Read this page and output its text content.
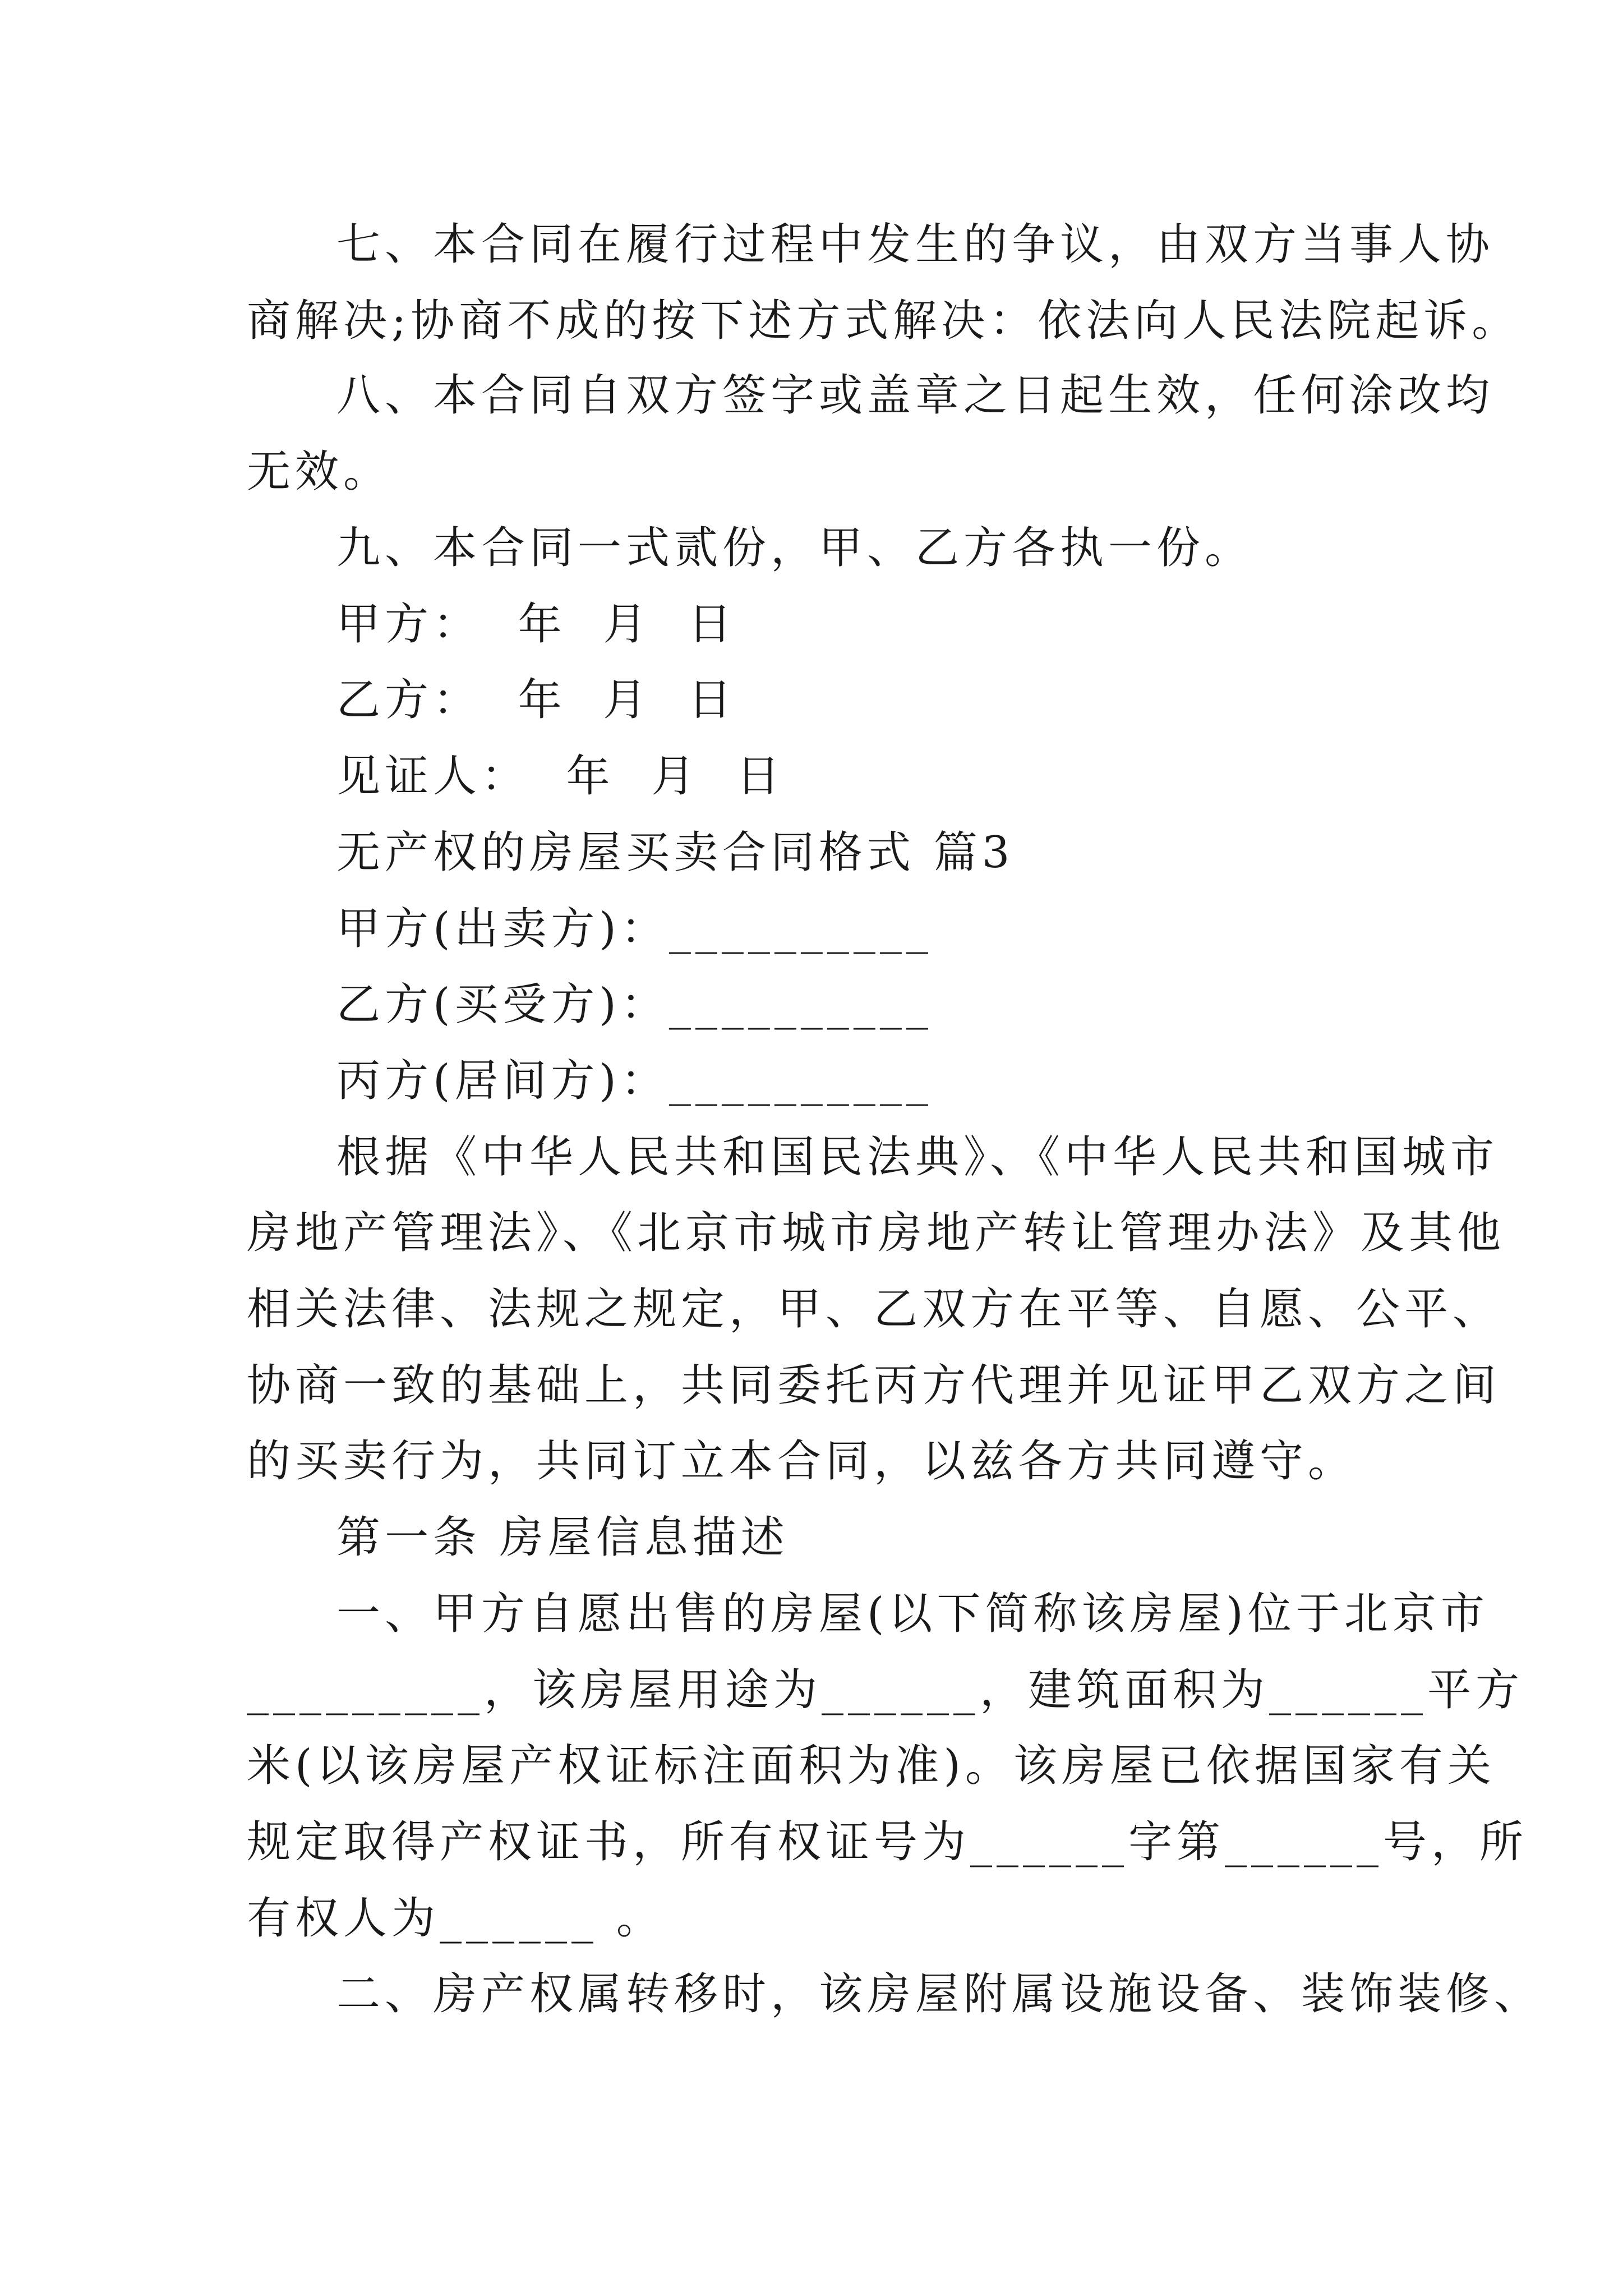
七、本合同在履行过程中发生的争议，由双方当事人协
商解决;协商不成的按下述方式解决：依法向人民法院起诉。
八、本合同自双方签字或盖章之日起生效，任何涂改均
无效。
九、本合同一式贰份，甲、乙方各执一份。
甲方：  年  月  日
乙方：  年  月  日
见证人：  年  月  日
无产权的房屋买卖合同格式 篇3
甲方(出卖方)：__________
乙方(买受方)：__________
丙方(居间方)：__________
根据《中华人民共和国民法典》、《中华人民共和国城市
房地产管理法》、《北京市城市房地产转让管理办法》及其他
相关法律、法规之规定，甲、乙双方在平等、自愿、公平、
协商一致的基础上，共同委托丙方代理并见证甲乙双方之间
的买卖行为，共同订立本合同，以兹各方共同遵守。
第一条 房屋信息描述
一、甲方自愿出售的房屋(以下简称该房屋)位于北京市
_________，该房屋用途为______，建筑面积为______平方
米(以该房屋产权证标注面积为准)。该房屋已依据国家有关
规定取得产权证书，所有权证号为______字第______号，所
有权人为______ 。
二、房产权属转移时，该房屋附属设施设备、装饰装修、
